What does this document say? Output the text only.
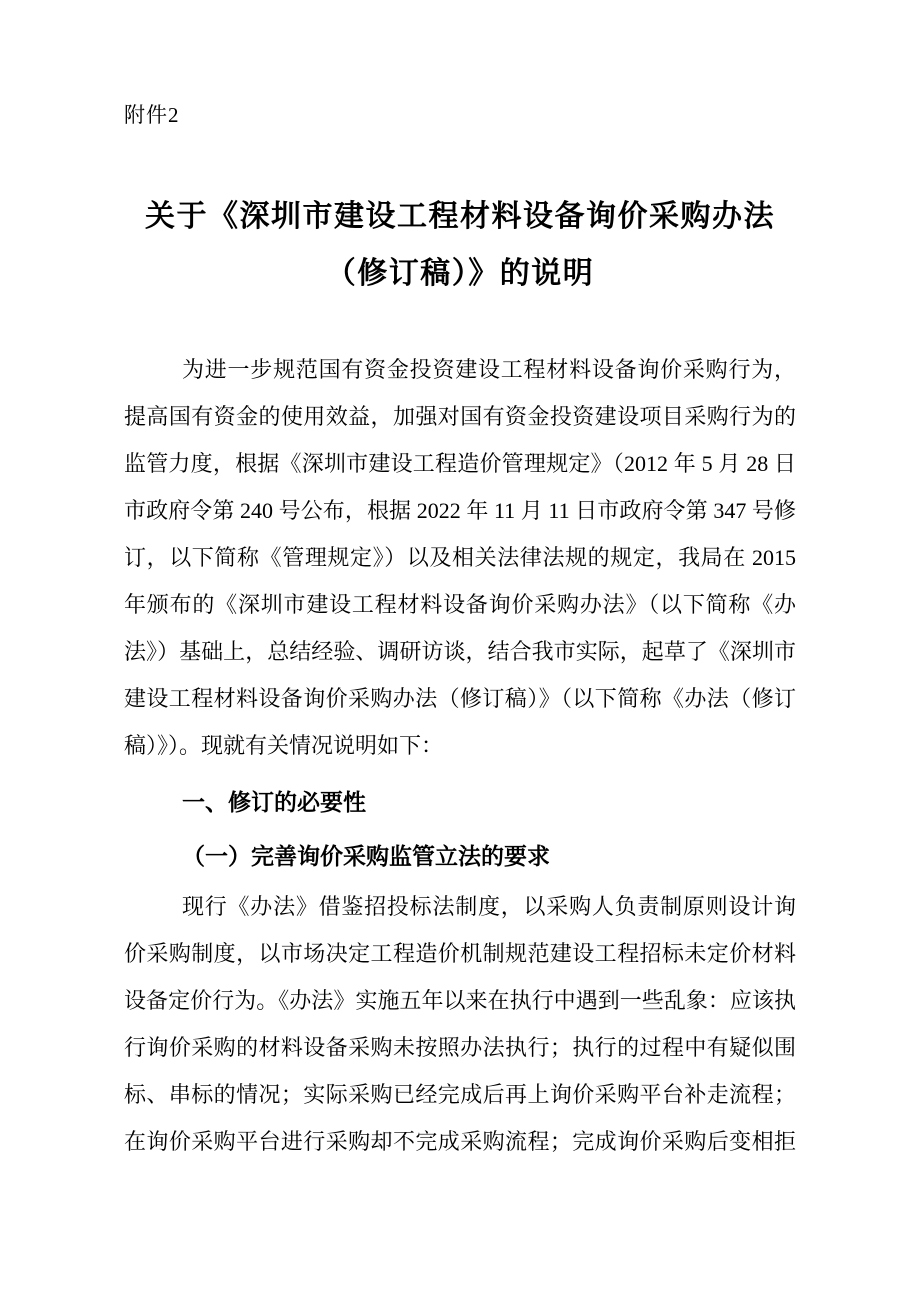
附件2
关于《深圳市建设工程材料设备询价采购办法（修订稿）》的说明

为进一步规范国有资金投资建设工程材料设备询价采购行为，提高国有资金的使用效益，加强对国有资金投资建设项目采购行为的监管力度，根据《深圳市建设工程造价管理规定》（2012 年 5 月 28 日市政府令第 240 号公布，根据 2022 年 11 月 11 日市政府令第 347 号修订，以下简称《管理规定》）以及相关法律法规的规定，我局在 2015 年颁布的《深圳市建设工程材料设备询价采购办法》（以下简称《办法》）基础上，总结经验、调研访谈，结合我市实际，起草了《深圳市建设工程材料设备询价采购办法（修订稿）》（以下简称《办法（修订稿）》）。现就有关情况说明如下：

一、修订的必要性
（一）完善询价采购监管立法的要求

现行《办法》借鉴招投标法制度，以采购人负责制原则设计询价采购制度，以市场决定工程造价机制规范建设工程招标未定价材料设备定价行为。《办法》实施五年以来在执行中遇到一些乱象：应该执行询价采购的材料设备采购未按照办法执行；执行的过程中有疑似围标、串标的情况；实际采购已经完成后再上询价采购平台补走流程；在询价采购平台进行采购却不完成采购流程；完成询价采购后变相拒
